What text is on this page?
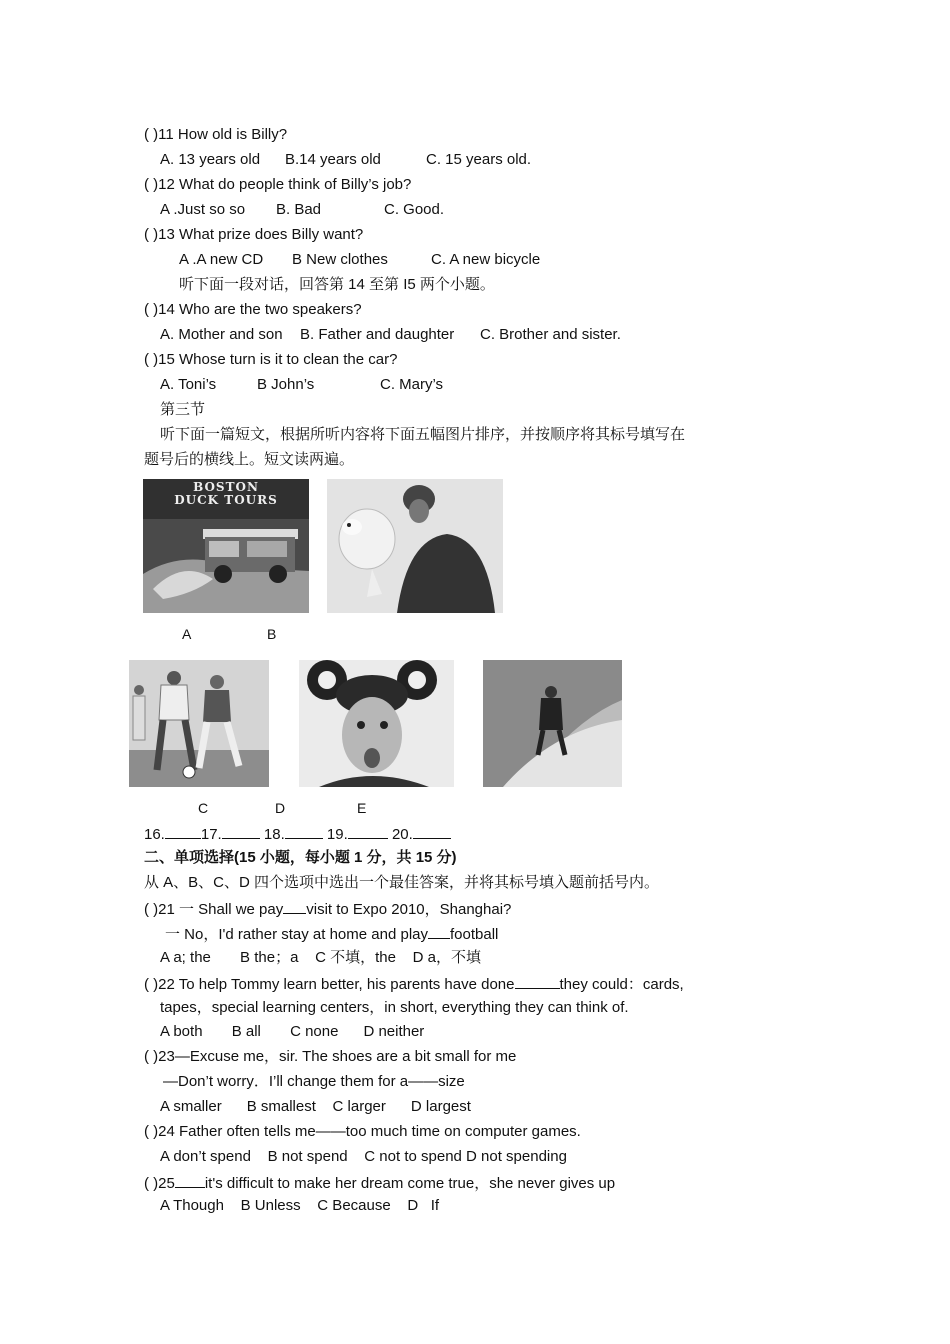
( )11 How old is Billy?
A. 13 years old B.14 years old	C. 15 years old.
( )12 What do people think of Billy’s job?
A .Just so so B. Bad	C. Good.
( )13 What prize does Billy want?
A .A new CD B New clothes	C. A new bicycle
听下面一段对话，回答第 14 至第 I5 两个小题。
( )14 Who are the two speakers?
A. Mother and son B. Father and daughter C. Brother and sister.
( )15 Whose turn is it to clean the car?
A. Toni’s	B John’s	C. Mary’s
第三节
听下面一篇短文，根据所听内容将下面五幅图片排序，并按顺序将其标号填写在
题号后的横线上。短文读两遍。
BOSTON
DUCK TOURS
A	B
C	D	E
16. 17.	18.	19.	20.
二、单项选择(15 小题，每小题 1 分，共 15 分)
从 A、B、C、D 四个选项中选出一个最佳答案，并将其标号填入题前括号内。
( )21 一 Shall we pay visit to Expo 2010，Shanghai?
一 No，I'd rather stay at home and play football
A a; the       B the；a    C 不填，the    D a，不填
( )22 To help Tommy learn better, his parents have done	they could：cards,
tapes，special learning centers，in short, everything they can think of.
A both       B all       C none      D neither
( )23—Excuse me，sir. The shoes are a bit small for me
—Don’t worry．I’ll change them for a——size
A smaller      B smallest    C larger      D largest
( )24 Father often tells me——too much time on computer games.
A don’t spend    B not spend    C not to spend D not spending
( )25 it's difficult to make her dream come true，she never gives up
A Though    B Unless    C Because    D   If
